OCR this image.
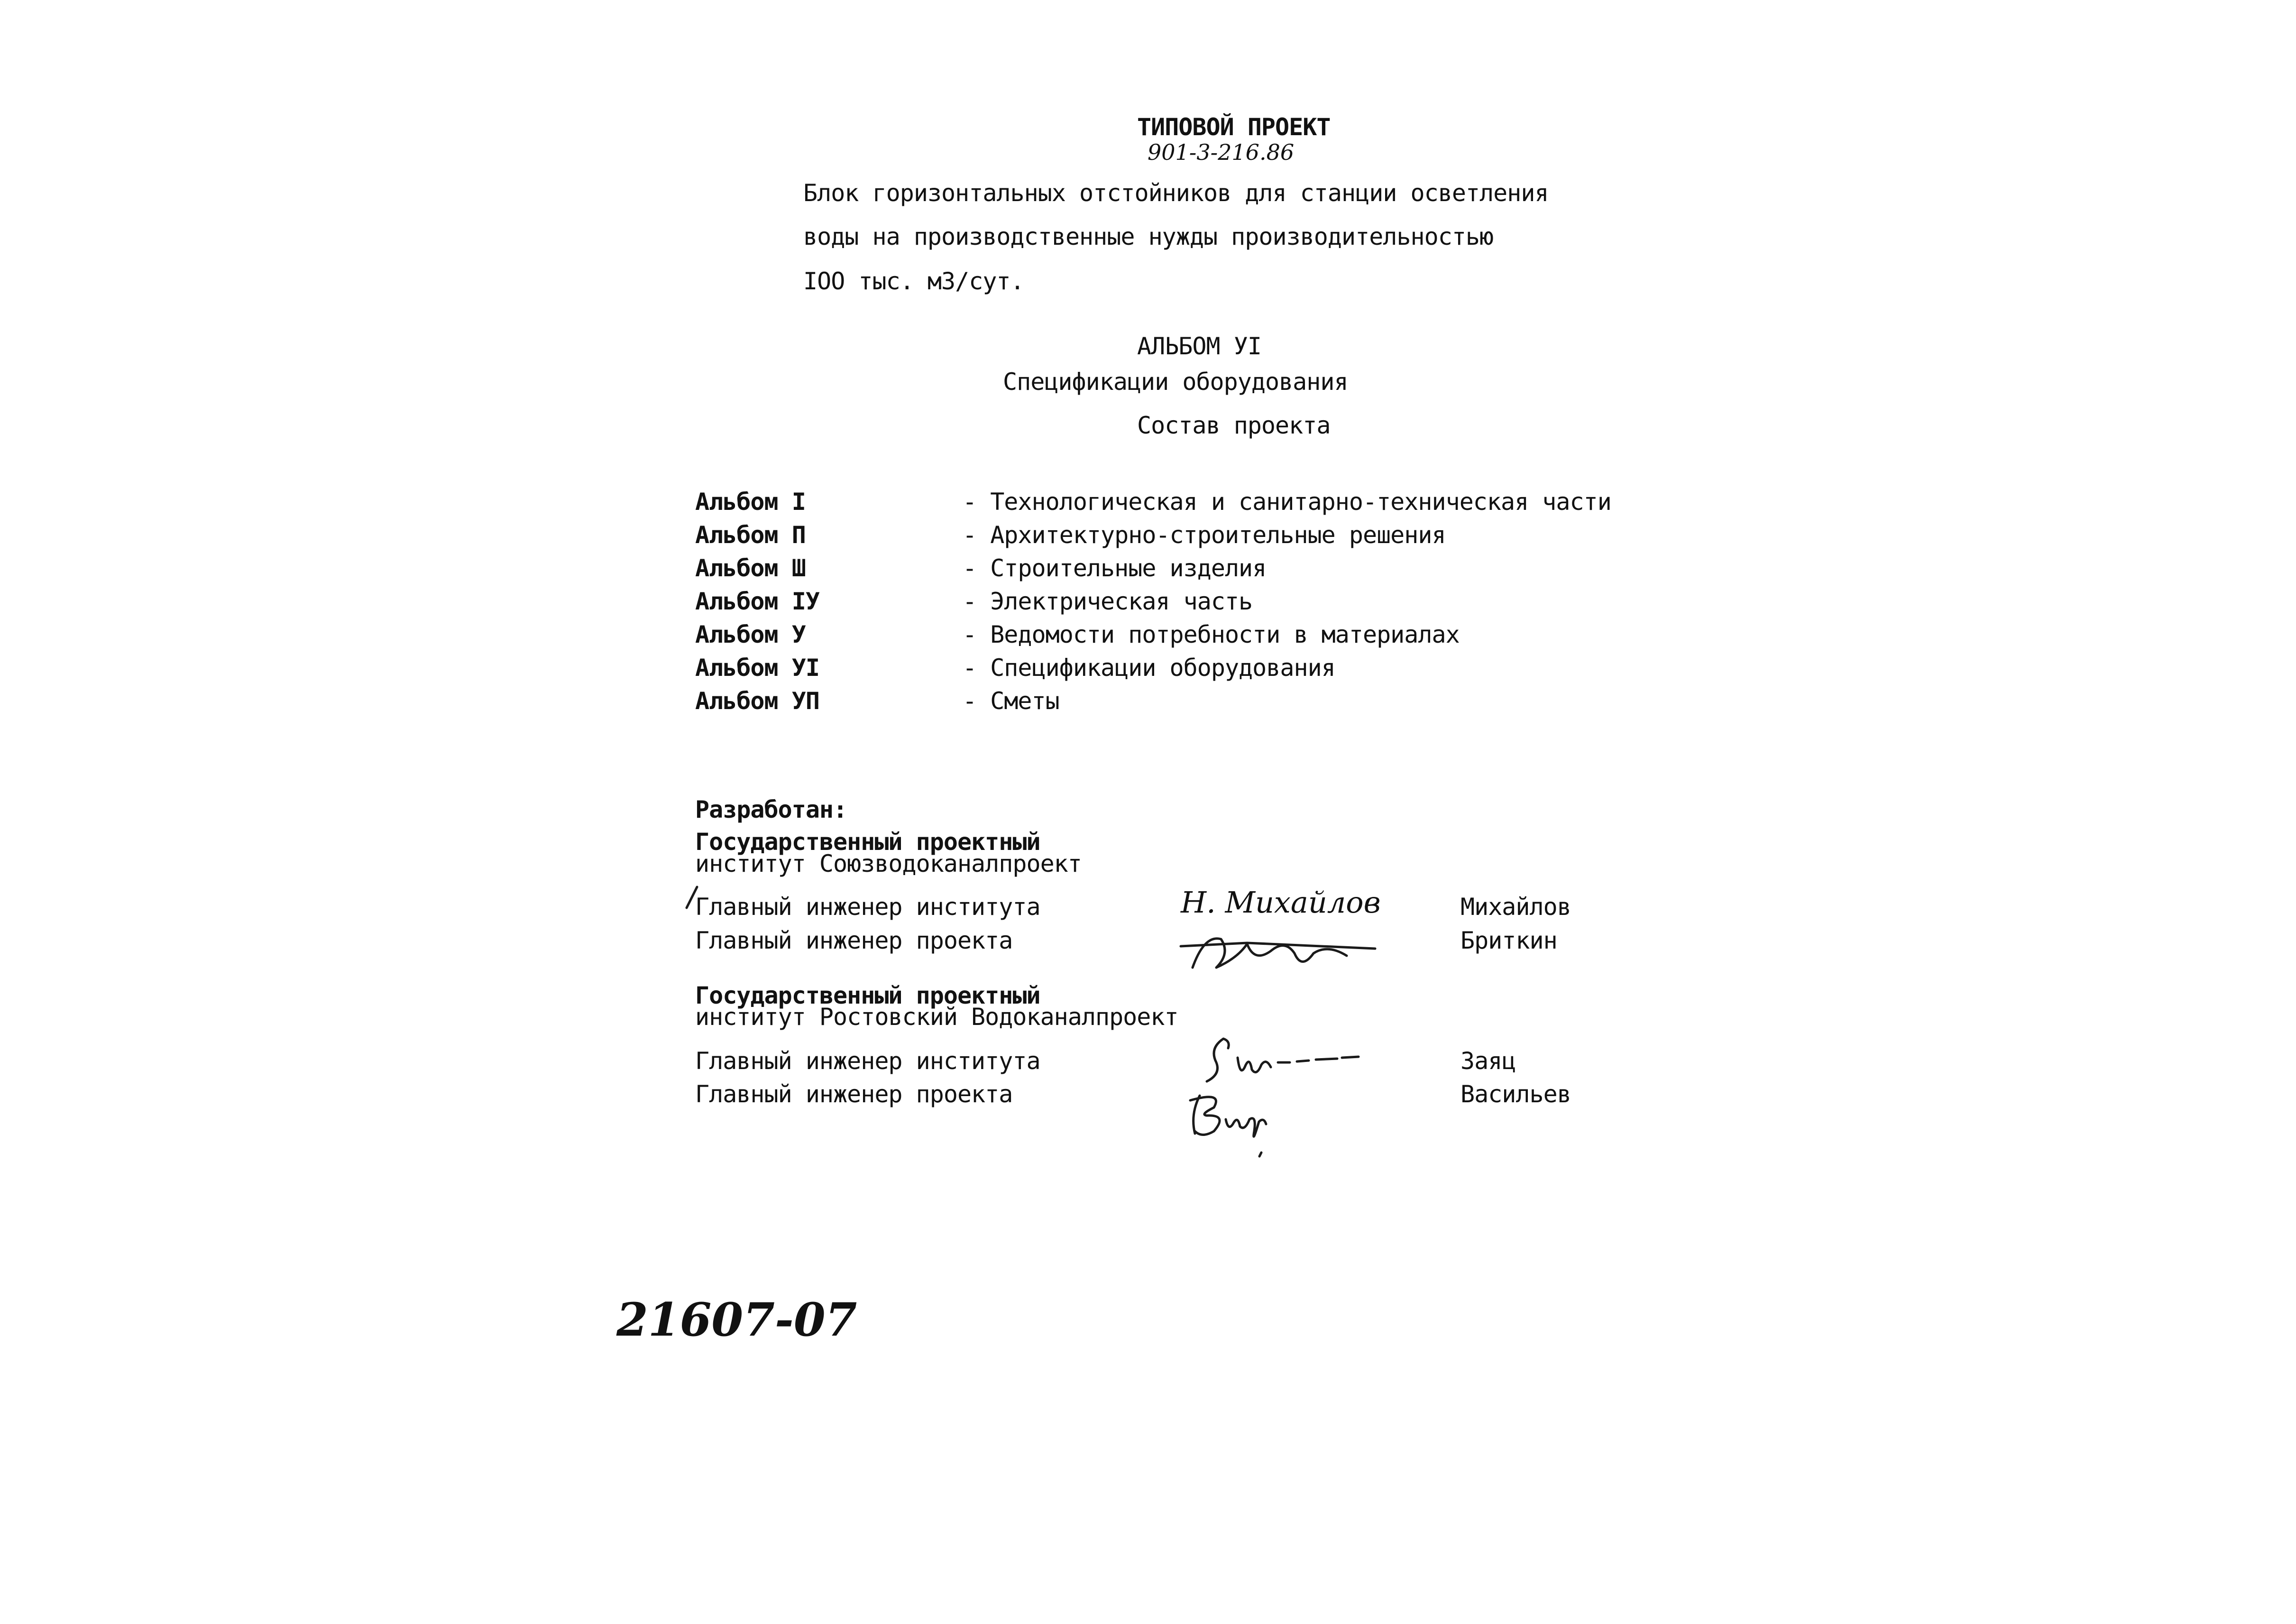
ТИПОВОЙ ПРОЕКТ
901-3-216.86
Блок горизонтальных отстойников для станции осветления
воды на производственные нужды производительностью
IOO тыс. м3/сут.
АЛЬБОМ УI
Спецификации оборудования
Состав проекта
Альбом I	- Технологическая и санитарно-техническая части
Альбом П	- Архитектурно-строительные решения
Альбом Ш	- Строительные изделия
Альбом IУ	- Электрическая часть
Альбом У	- Ведомости потребности в материалах
Альбом УI	- Спецификации оборудования
Альбом УП	- Сметы
Разработан:
Государственный проектный
институт Союзводоканалпроект
Главный инженер института	Михайлов
Главный инженер проекта	Бриткин
Н. Михайлов
Государственный проектный
институт Ростовский Водоканалпроект
Главный инженер института	Заяц
Главный инженер проекта	Васильев
21607-07
